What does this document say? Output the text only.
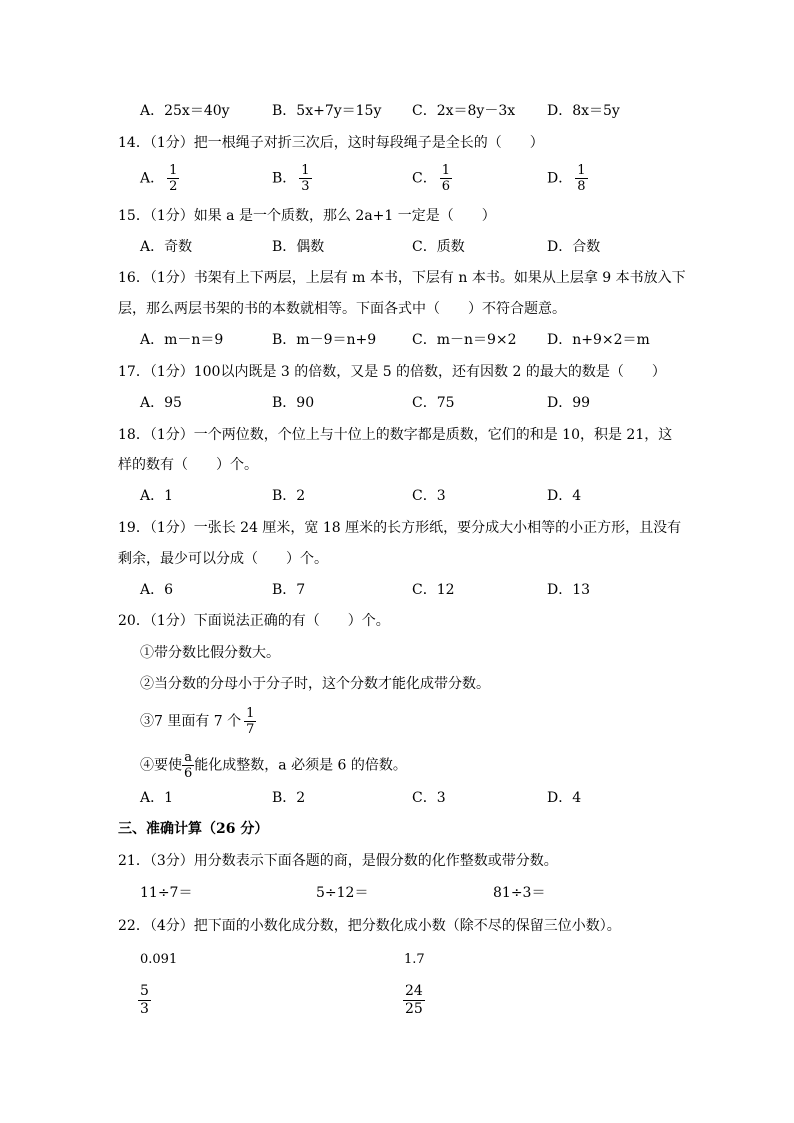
A．25x＝40y	B．5x+7y＝15y C．2x＝8y－3x D．8x＝5y
14．（1分）把一根绳子对折三次后，这时每段绳子是全长的（　　）
A． $\frac{1}{2}$	B． $\frac{1}{3}$	C． $\frac{1}{6}$	D． $\frac{1}{8}$
15．（1分）如果 a 是一个质数，那么 2a+1 一定是（　　）
A．奇数	B．偶数	C．质数	D．合数
16．（1分）书架有上下两层，上层有 m 本书，下层有 n 本书。如果从上层拿 9 本书放入下
层，那么两层书架的书的本数就相等。下面各式中（　　）不符合题意。
A．m－n＝9	B．m－9＝n+9	C．m－n＝9×2 D．n+9×2＝m
17．（1分）100以内既是 3 的倍数，又是 5 的倍数，还有因数 2 的最大的数是（　　）
A．95	B．90	C．75	D．99
18．（1分）一个两位数，个位上与十位上的数字都是质数，它们的和是 10，积是 21，这
样的数有（　　）个。
A．1	B．2	C．3	D．4
19．（1分）一张长 24 厘米，宽 18 厘米的长方形纸，要分成大小相等的小正方形，且没有
剩余，最少可以分成（　　）个。
A．6	B．7	C．12	D．13
20．（1分）下面说法正确的有（　　）个。
①带分数比假分数大。
②当分数的分母小于分子时，这个分数才能化成带分数。
③7 里面有 7 个 $\frac{1}{7}$
④要使 $\frac{a}{6}$ 能化成整数，a 必须是 6 的倍数。
A．1	B．2	C．3	D．4
三、准确计算（26 分）
21．（3分）用分数表示下面各题的商，是假分数的化作整数或带分数。
11÷7＝	5÷12＝	81÷3＝
22．（4分）把下面的小数化成分数，把分数化成小数（除不尽的保留三位小数）。
0.091	1.7
$\frac{5}{3}$	$\frac{24}{25}$
